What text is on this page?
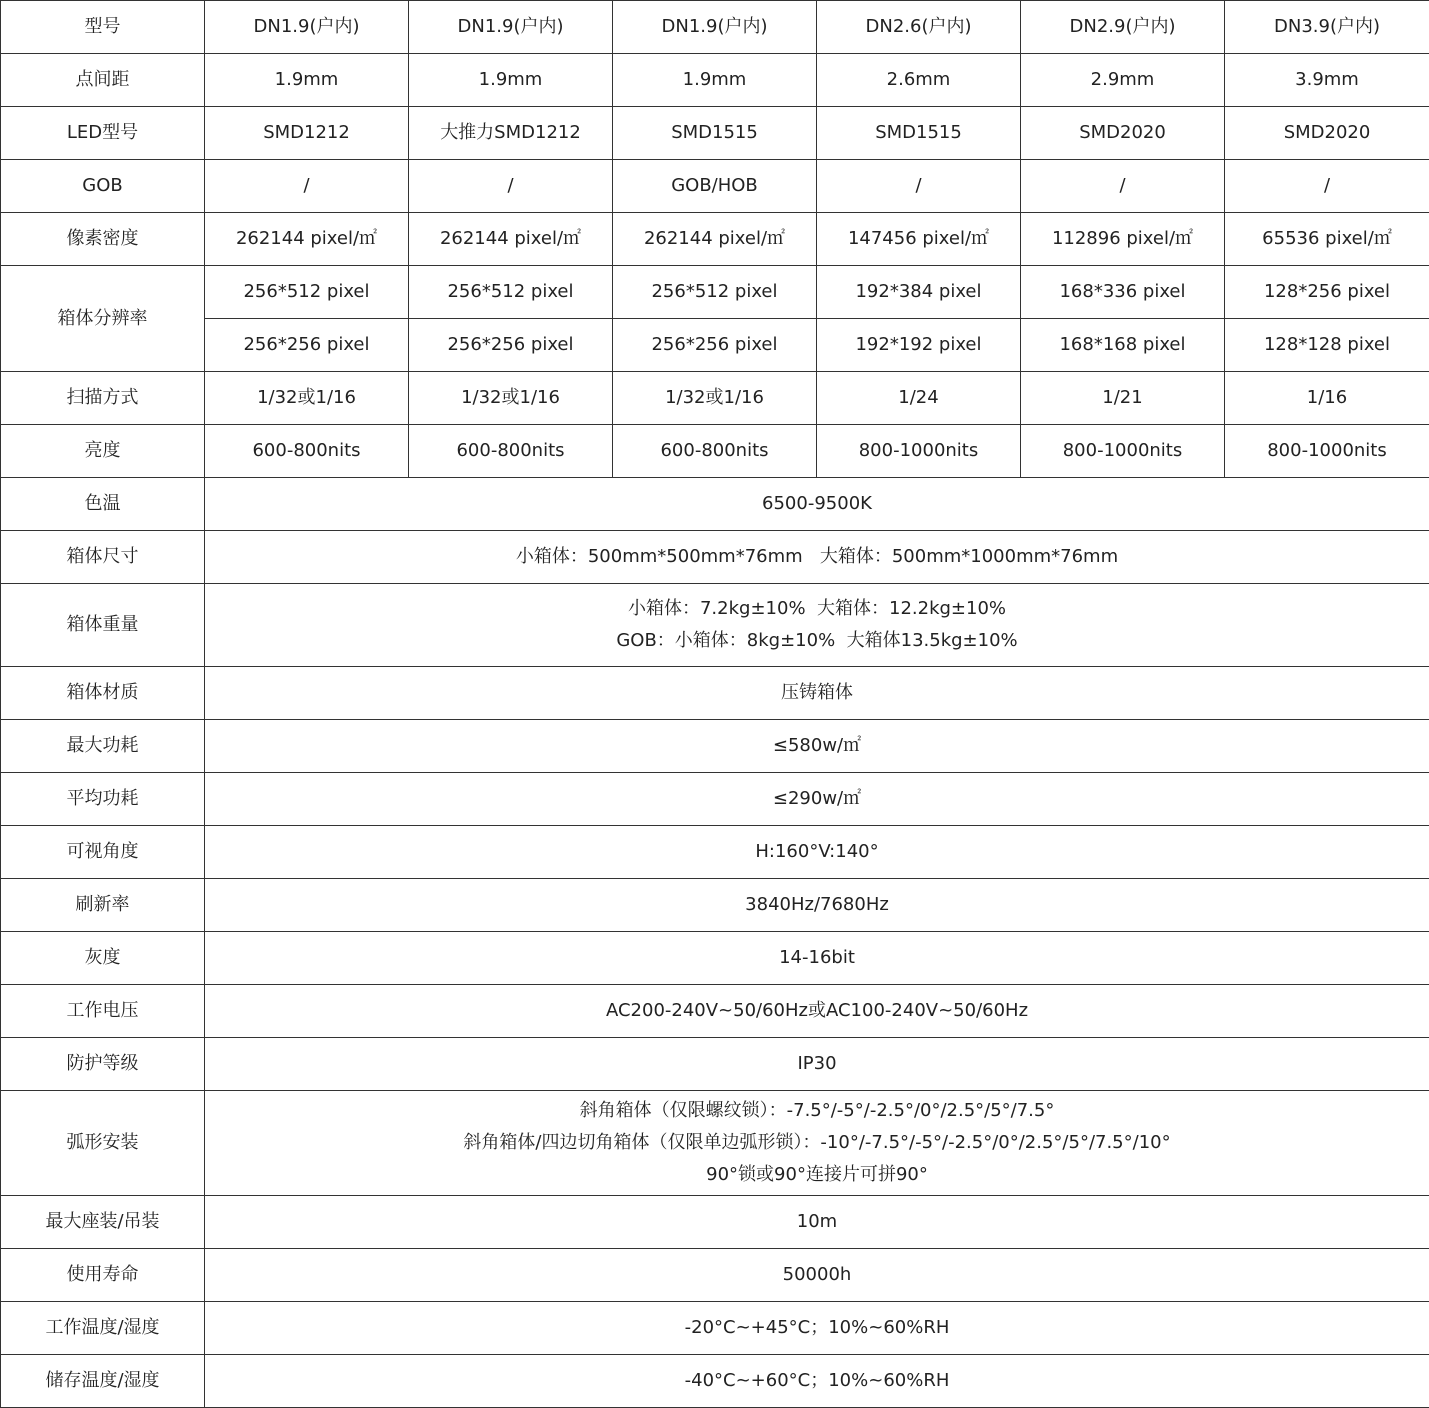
型号	DN1.9(户内)	DN1.9(户内)	DN1.9(户内)	DN2.6(户内)	DN2.9(户内)	DN3.9(户内)
点间距	1.9mm	1.9mm	1.9mm	2.6mm	2.9mm	3.9mm
LED型号	SMD1212	大推力SMD1212	SMD1515	SMD1515	SMD2020	SMD2020
GOB	/	/	GOB/HOB	/	/	/
像素密度	262144 pixel/㎡	262144 pixel/㎡	262144 pixel/㎡	147456 pixel/㎡	112896 pixel/㎡	65536 pixel/㎡
箱体分辨率	256*512 pixel	256*512 pixel	256*512 pixel	192*384 pixel	168*336 pixel	128*256 pixel
	256*256 pixel	256*256 pixel	256*256 pixel	192*192 pixel	168*168 pixel	128*128 pixel
扫描方式	1/32或1/16	1/32或1/16	1/32或1/16	1/24	1/21	1/16
亮度	600-800nits	600-800nits	600-800nits	800-1000nits	800-1000nits	800-1000nits
色温	6500-9500K					

箱体尺寸	小箱体：500mm*500mm*76mm   大箱体：500mm*1000mm*76mm					

箱体重量	小箱体：7.2kg±10%  大箱体：12.2kg±10%
GOB：小箱体：8kg±10%  大箱体13.5kg±10%					

箱体材质	压铸箱体					

最大功耗	≤580w/㎡					

平均功耗	≤290w/㎡					

可视角度	H:160°V:140°					

刷新率	3840Hz/7680Hz					

灰度	14-16bit					

工作电压	AC200-240V~50/60Hz或AC100-240V~50/60Hz					

防护等级	IP30					

弧形安装	斜角箱体（仅限螺纹锁）：-7.5°/-5°/-2.5°/0°/2.5°/5°/7.5°
斜角箱体/四边切角箱体（仅限单边弧形锁）：-10°/-7.5°/-5°/-2.5°/0°/2.5°/5°/7.5°/10°
90°锁或90°连接片可拼90°					

最大座装/吊装	10m					

使用寿命	50000h					

工作温度/湿度	-20°C~+45°C；10%~60%RH					

储存温度/湿度	-40°C~+60°C；10%~60%RH					
